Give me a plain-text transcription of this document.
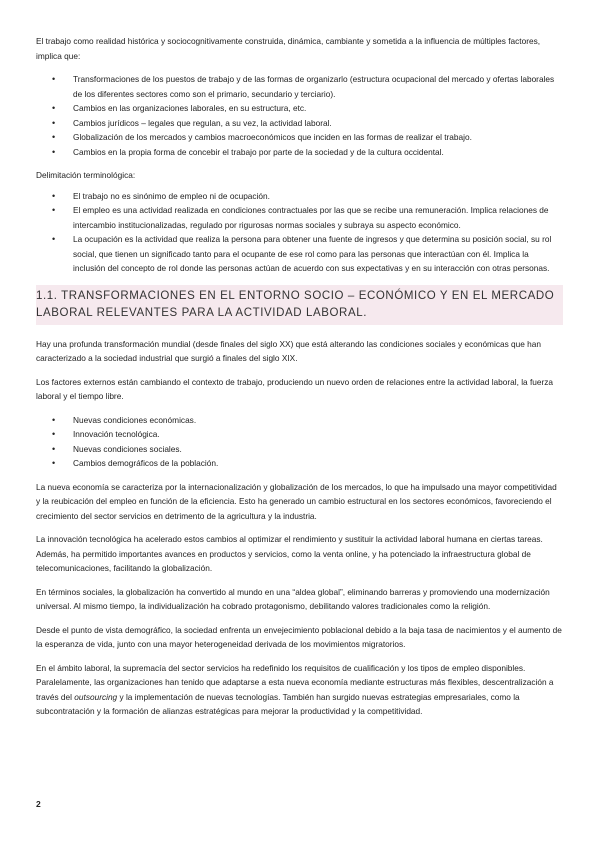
El trabajo como realidad histórica y sociocognitivamente construida, dinámica, cambiante y sometida a la influencia de múltiples factores, implica que:

• Transformaciones de los puestos de trabajo y de las formas de organizarlo (estructura ocupacional del mercado y ofertas laborales de los diferentes sectores como son el primario, secundario y terciario).
• Cambios en las organizaciones laborales, en su estructura, etc.
• Cambios jurídicos – legales que regulan, a su vez, la actividad laboral.
• Globalización de los mercados y cambios macroeconómicos que inciden en las formas de realizar el trabajo.
• Cambios en la propia forma de concebir el trabajo por parte de la sociedad y de la cultura occidental.

Delimitación terminológica:

• El trabajo no es sinónimo de empleo ni de ocupación.
• El empleo es una actividad realizada en condiciones contractuales por las que se recibe una remuneración. Implica relaciones de intercambio institucionalizadas, regulado por rigurosas normas sociales y subraya su aspecto económico.
• La ocupación es la actividad que realiza la persona para obtener una fuente de ingresos y que determina su posición social, su rol social, que tienen un significado tanto para el ocupante de ese rol como para las personas que interactúan con él. Implica la inclusión del concepto de rol donde las personas actúan de acuerdo con sus expectativas y en su interacción con otras personas.
1.1. TRANSFORMACIONES EN EL ENTORNO SOCIO – ECONÓMICO Y EN EL MERCADO LABORAL RELEVANTES PARA LA ACTIVIDAD LABORAL.

Hay una profunda transformación mundial (desde finales del siglo XX) que está alterando las condiciones sociales y económicas que han caracterizado a la sociedad industrial que surgió a finales del siglo XIX.

Los factores externos están cambiando el contexto de trabajo, produciendo un nuevo orden de relaciones entre la actividad laboral, la fuerza laboral y el tiempo libre.

• Nuevas condiciones económicas.
• Innovación tecnológica.
• Nuevas condiciones sociales.
• Cambios demográficos de la población.

La nueva economía se caracteriza por la internacionalización y globalización de los mercados, lo que ha impulsado una mayor competitividad y la reubicación del empleo en función de la eficiencia. Esto ha generado un cambio estructural en los sectores económicos, favoreciendo el crecimiento del sector servicios en detrimento de la agricultura y la industria.

La innovación tecnológica ha acelerado estos cambios al optimizar el rendimiento y sustituir la actividad laboral humana en ciertas tareas. Además, ha permitido importantes avances en productos y servicios, como la venta online, y ha potenciado la infraestructura global de telecomunicaciones, facilitando la globalización.

En términos sociales, la globalización ha convertido al mundo en una “aldea global”, eliminando barreras y promoviendo una modernización universal. Al mismo tiempo, la individualización ha cobrado protagonismo, debilitando valores tradicionales como la religión.

Desde el punto de vista demográfico, la sociedad enfrenta un envejecimiento poblacional debido a la baja tasa de nacimientos y el aumento de la esperanza de vida, junto con una mayor heterogeneidad derivada de los movimientos migratorios.

En el ámbito laboral, la supremacía del sector servicios ha redefinido los requisitos de cualificación y los tipos de empleo disponibles. Paralelamente, las organizaciones han tenido que adaptarse a esta nueva economía mediante estructuras más flexibles, descentralización a través del outsourcing y la implementación de nuevas tecnologías. También han surgido nuevas estrategias empresariales, como la subcontratación y la formación de alianzas estratégicas para mejorar la productividad y la competitividad.

2
